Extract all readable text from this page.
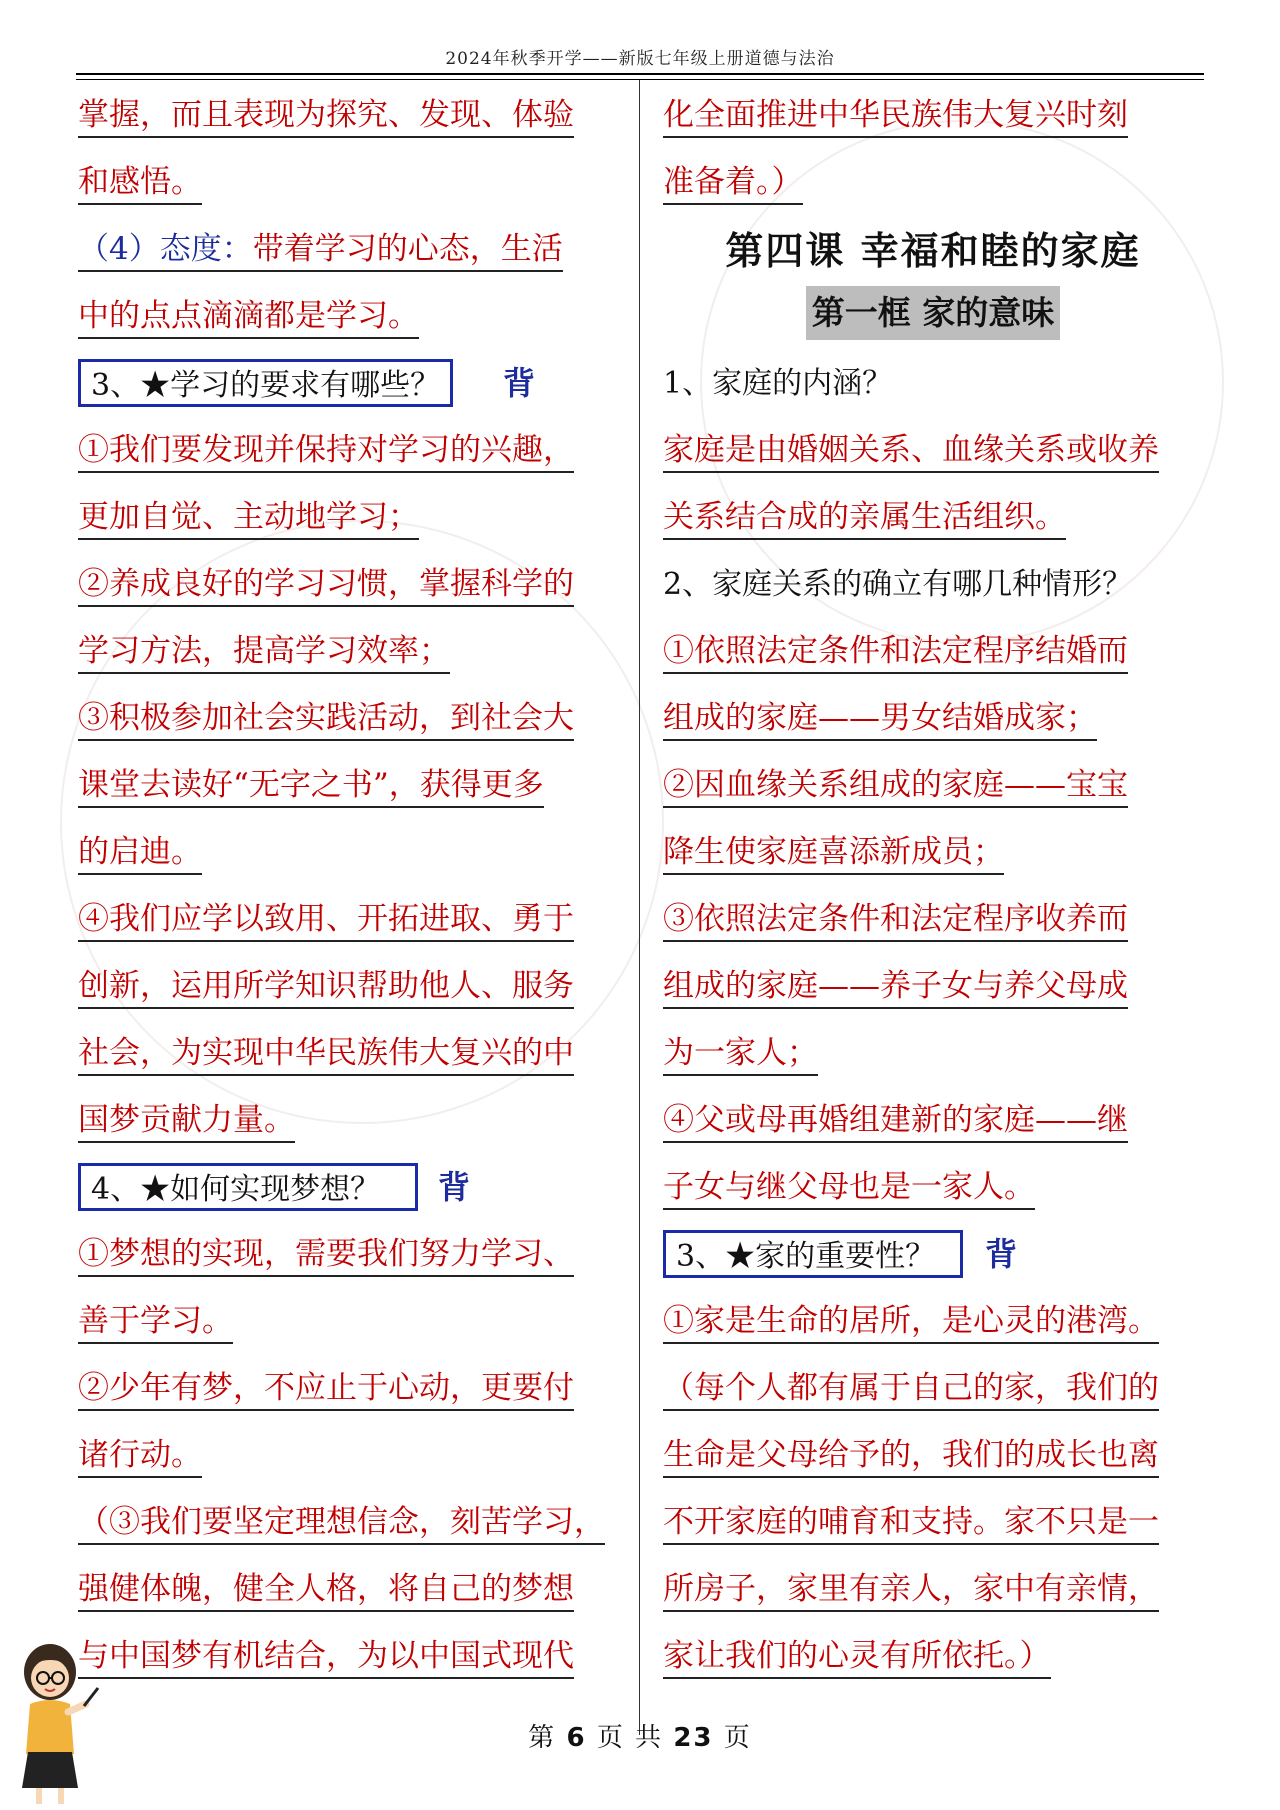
2024年秋季开学——新版七年级上册道德与法治
掌握，而且表现为探究、发现、体验
和感悟。
（4）态度：带着学习的心态，生活
中的点点滴滴都是学习。
3、★学习的要求有哪些？ 背
①我们要发现并保持对学习的兴趣，
更加自觉、主动地学习；
②养成良好的学习习惯，掌握科学的
学习方法，提高学习效率；
③积极参加社会实践活动，到社会大
课堂去读好“无字之书”，获得更多
的启迪。
④我们应学以致用、开拓进取、勇于
创新，运用所学知识帮助他人、服务
社会，为实现中华民族伟大复兴的中
国梦贡献力量。
4、★如何实现梦想？ 背
①梦想的实现，需要我们努力学习、
善于学习。
②少年有梦，不应止于心动，更要付
诸行动。
（③我们要坚定理想信念，刻苦学习，
强健体魄，健全人格，将自己的梦想
与中国梦有机结合，为以中国式现代
化全面推进中华民族伟大复兴时刻
准备着。）
第四课 幸福和睦的家庭
第一框 家的意味
1、家庭的内涵？
家庭是由婚姻关系、血缘关系或收养
关系结合成的亲属生活组织。
2、家庭关系的确立有哪几种情形？
①依照法定条件和法定程序结婚而
组成的家庭——男女结婚成家；
②因血缘关系组成的家庭——宝宝
降生使家庭喜添新成员；
③依照法定条件和法定程序收养而
组成的家庭——养子女与养父母成
为一家人；
④父或母再婚组建新的家庭——继
子女与继父母也是一家人。
3、★家的重要性？ 背
①家是生命的居所，是心灵的港湾。
（每个人都有属于自己的家，我们的
生命是父母给予的，我们的成长也离
不开家庭的哺育和支持。家不只是一
所房子，家里有亲人，家中有亲情，
家让我们的心灵有所依托。）
第 6 页 共 23 页
